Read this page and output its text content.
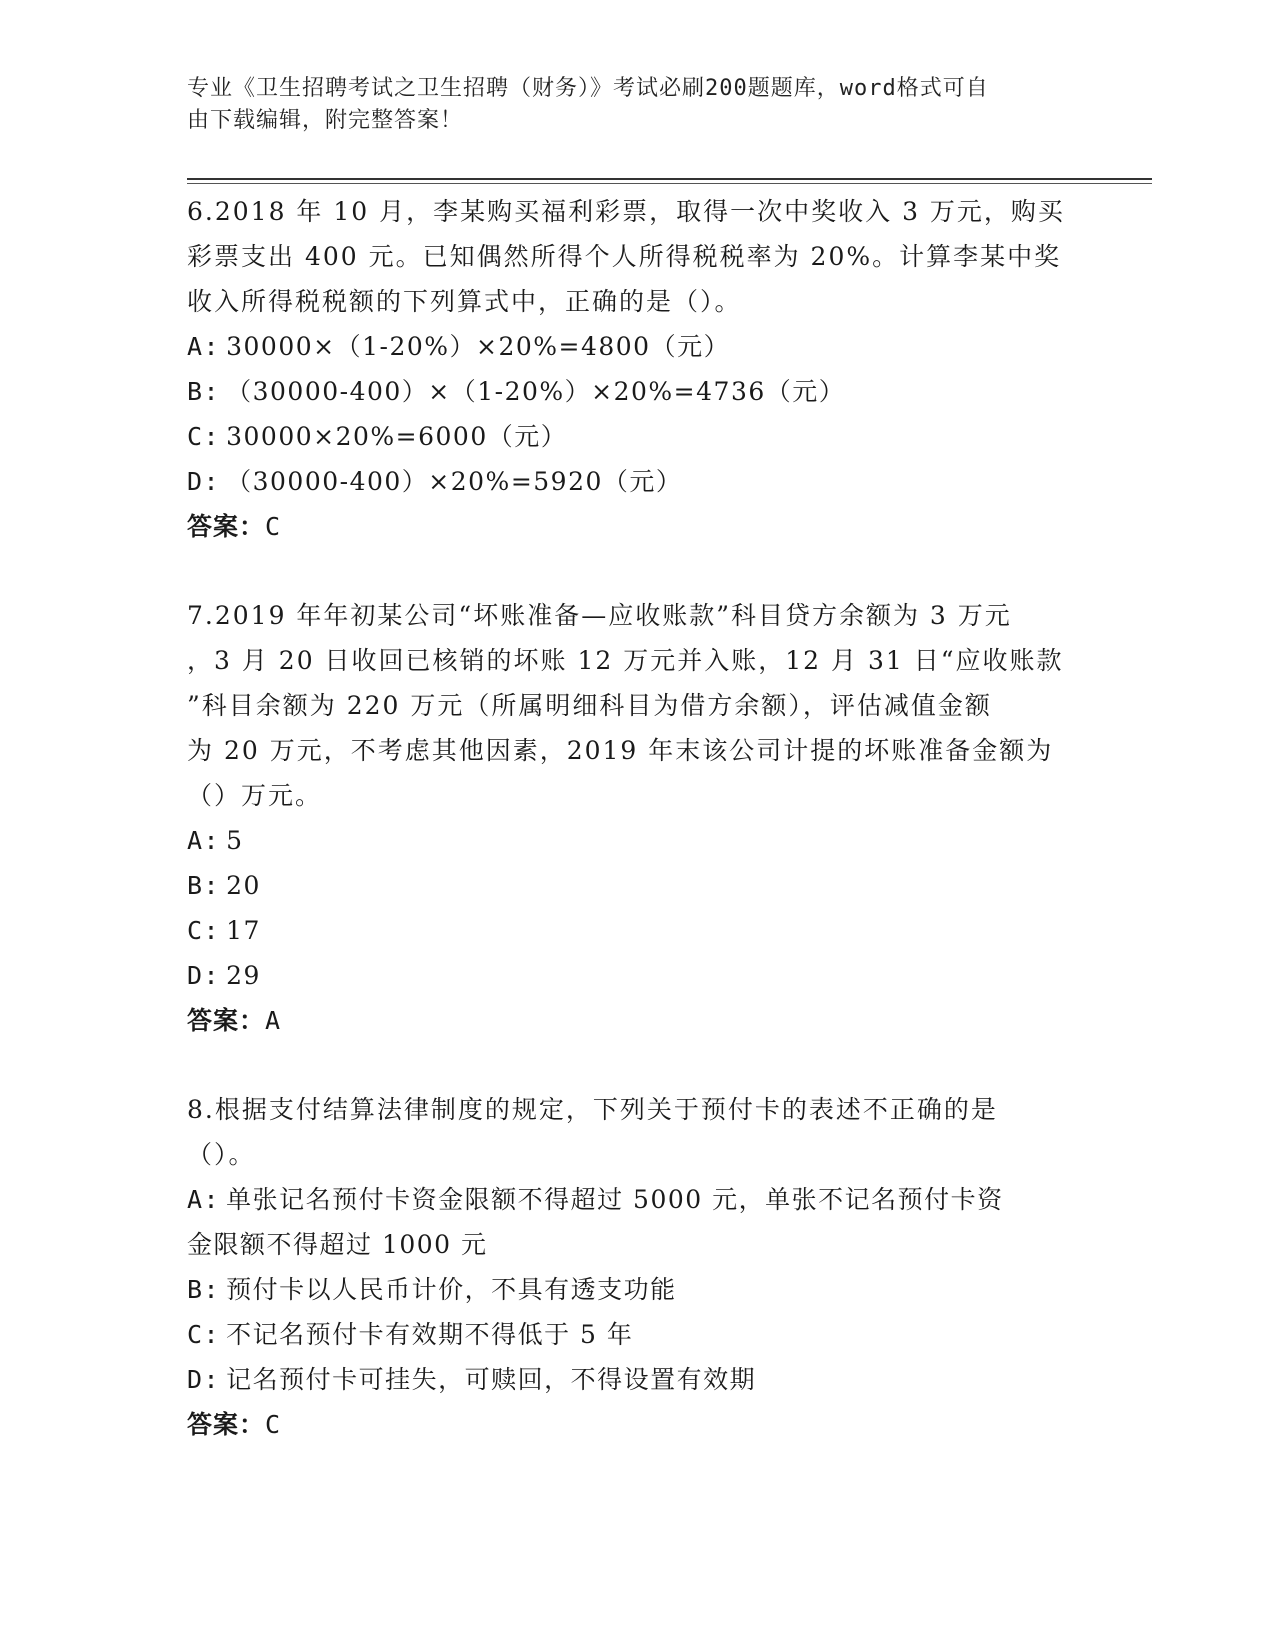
专业《卫生招聘考试之卫生招聘（财务）》考试必刷200题题库，word格式可自
由下载编辑，附完整答案！

6.2018 年 10 月，李某购买福利彩票，取得一次中奖收入 3 万元，购买

彩票支出 400 元。已知偶然所得个人所得税税率为 20%。计算李某中奖

收入所得税税额的下列算式中，正确的是（）。

A: 30000×（1-20%）×20%=4800（元）

B: （30000-400）×（1-20%）×20%=4736（元）

C: 30000×20%=6000（元）

D: （30000-400）×20%=5920（元）

答案：C

7.2019 年年初某公司“坏账准备—应收账款”科目贷方余额为 3 万元

，3 月 20 日收回已核销的坏账 12 万元并入账，12 月 31 日“应收账款

”科目余额为 220 万元（所属明细科目为借方余额），评估减值金额

为 20 万元，不考虑其他因素，2019 年末该公司计提的坏账准备金额为

（）万元。

A: 5

B: 20

C: 17

D: 29

答案：A

8.根据支付结算法律制度的规定，下列关于预付卡的表述不正确的是

（）。

A: 单张记名预付卡资金限额不得超过 5000 元，单张不记名预付卡资

金限额不得超过 1000 元

B: 预付卡以人民币计价，不具有透支功能

C: 不记名预付卡有效期不得低于 5 年

D: 记名预付卡可挂失，可赎回，不得设置有效期

答案：C
